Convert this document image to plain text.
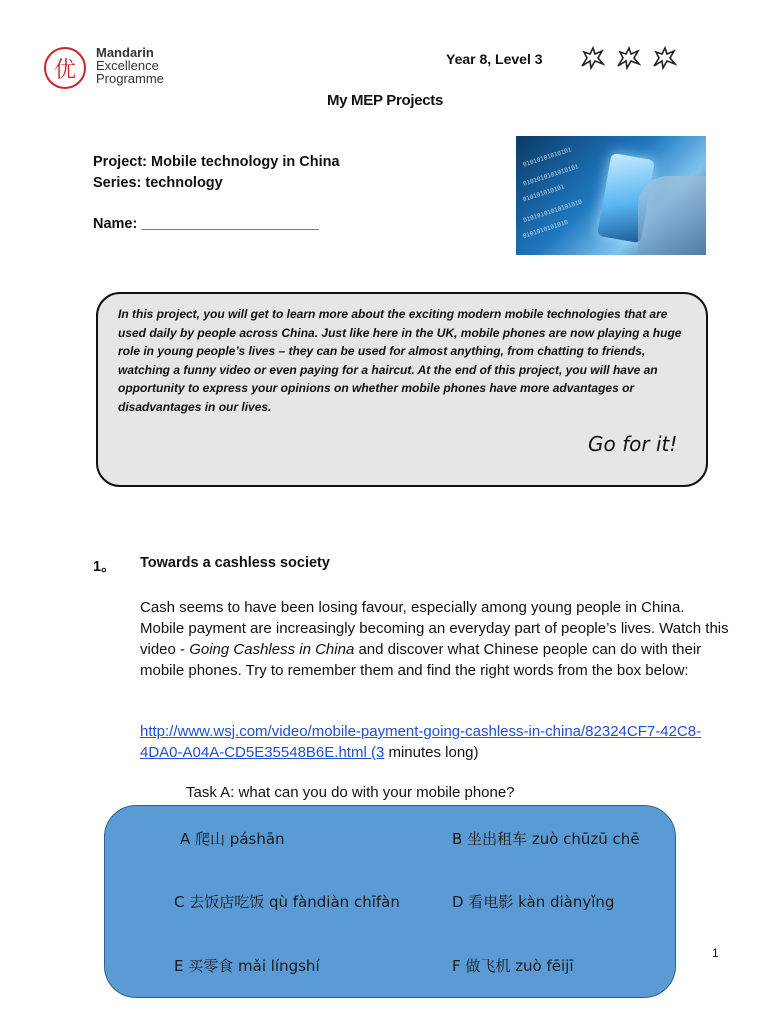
优
Mandarin
Excellence
Programme
Year 8, Level 3
My MEP Projects
Project: Mobile technology in China
Series: technology
Name: ______________________
01010101010101
0101010101010101
010101010101
01010101010101010
0101010101010
In this project, you will get to learn more about the exciting modern mobile technologies that are used daily by people across China. Just like here in the UK, mobile phones are now playing a huge role in young people’s lives – they can be used for almost anything, from chatting to friends, watching a funny video or even paying for a haircut. At the end of this project, you will have an opportunity to express your opinions on whether mobile phones have more advantages or disadvantages in our lives.
Go for it!
1。 Towards a cashless society
Cash seems to have been losing favour, especially among young people in China. Mobile payment are increasingly becoming an everyday part of people’s lives. Watch this video - Going Cashless in China and discover what Chinese people can do with their mobile phones. Try to remember them and find the right words from the box below:
http://www.wsj.com/video/mobile-payment-going-cashless-in-china/82324CF7-42C8-4DA0-A04A-CD5E35548B6E.html (3 minutes long)
Task A: what can you do with your mobile phone?
A 爬山 páshān	B 坐出租车 zuò chūzū chē
C 去饭店吃饭 qù fàndiàn chīfàn	D 看电影 kàn diànyǐng
E 买零食 mǎi língshí	F 做飞机 zuò fēijī
1
